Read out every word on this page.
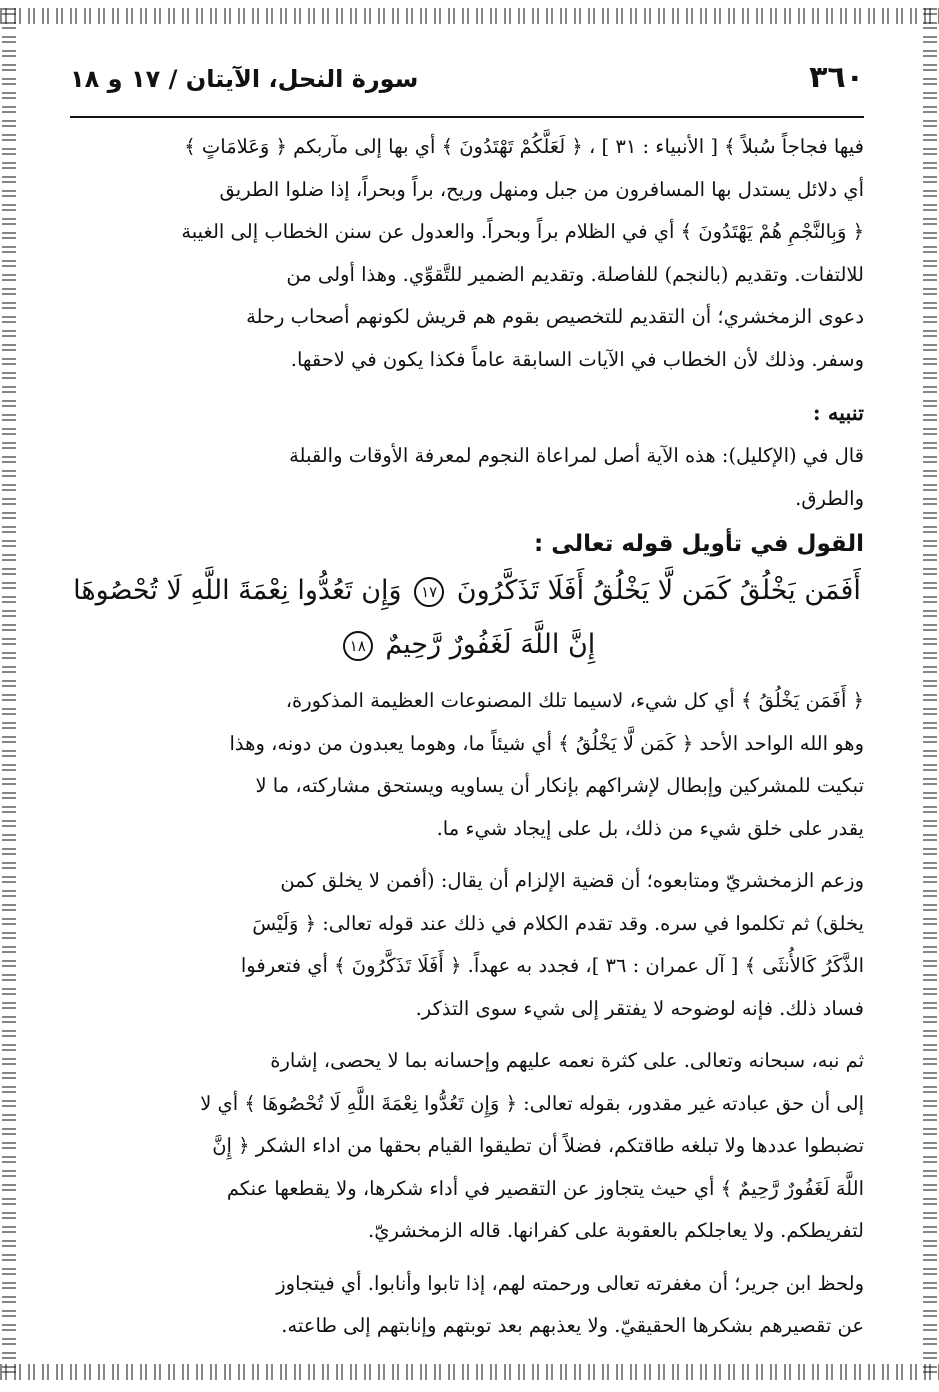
٣٦٠
سورة النحل، الآيتان / ١٧ و ١٨

فيها فجاجاً سُبلاً ﴾ [ الأنبياء : ٣١ ] ، ﴿ لَعَلَّكُمْ تَهْتَدُونَ ﴾ أي بها إلى مآربكم ﴿ وَعَلامَاتٍ ﴾
أي دلائل يستدل بها المسافرون من جبل ومنهل وريح، براً وبحراً، إذا ضلوا الطريق
﴿ وَبِالنَّجْمِ هُمْ يَهْتَدُونَ ﴾ أي في الظلام براً وبحراً. والعدول عن سنن الخطاب إلى الغيبة
للالتفات. وتقديم (بالنجم) للفاصلة. وتقديم الضمير للتَّقوِّي. وهذا أولى من
دعوى الزمخشري؛ أن التقديم للتخصيص بقوم هم قريش لكونهم أصحاب رحلة
وسفر. وذلك لأن الخطاب في الآيات السابقة عاماً فكذا يكون في لاحقها.

تنبيه :

قال في (الإكليل): هذه الآية أصل لمراعاة النجوم لمعرفة الأوقات والقبلة
والطرق.

القول في تأويل قوله تعالى :
أَفَمَن يَخْلُقُ كَمَن لَّا يَخْلُقُ أَفَلَا تَذَكَّرُونَ ١٧ وَإِن تَعُدُّوا نِعْمَةَ اللَّهِ لَا تُحْصُوهَا
إِنَّ اللَّهَ لَغَفُورٌ رَّحِيمٌ ١٨

﴿ أَفَمَن يَخْلُقُ ﴾ أي كل شيء، لاسيما تلك المصنوعات العظيمة المذكورة،
وهو الله الواحد الأحد ﴿ كَمَن لَّا يَخْلُقُ ﴾ أي شيئاً ما، وهوما يعبدون من دونه، وهذا
تبكيت للمشركين وإبطال لإشراكهم بإنكار أن يساويه ويستحق مشاركته، ما لا
يقدر على خلق شيء من ذلك، بل على إيجاد شيء ما.

وزعم الزمخشريّ ومتابعوه؛ أن قضية الإلزام أن يقال: (أفمن لا يخلق كمن
يخلق) ثم تكلموا في سره. وقد تقدم الكلام في ذلك عند قوله تعالى: ﴿ وَلَيْسَ
الذَّكَرُ كَالأُنثَى ﴾ [ آل عمران : ٣٦ ]، فجدد به عهداً. ﴿ أَفَلَا تَذَكَّرُونَ ﴾ أي فتعرفوا
فساد ذلك. فإنه لوضوحه لا يفتقر إلى شيء سوى التذكر.

ثم نبه، سبحانه وتعالى. على كثرة نعمه عليهم وإحسانه بما لا يحصى، إشارة
إلى أن حق عبادته غير مقدور، بقوله تعالى: ﴿ وَإِن تَعُدُّوا نِعْمَةَ اللَّهِ لَا تُحْصُوهَا ﴾ أي لا
تضبطوا عددها ولا تبلغه طاقتكم، فضلاً أن تطيقوا القيام بحقها من اداء الشكر ﴿ إِنَّ
اللَّهَ لَغَفُورٌ رَّحِيمٌ ﴾ أي حيث يتجاوز عن التقصير في أداء شكرها، ولا يقطعها عنكم
لتفريطكم. ولا يعاجلكم بالعقوبة على كفرانها. قاله الزمخشريّ.

ولحظ ابن جرير؛ أن مغفرته تعالى ورحمته لهم، إذا تابوا وأنابوا. أي فيتجاوز
عن تقصيرهم بشكرها الحقيقيّ. ولا يعذبهم بعد توبتهم وإنابتهم إلى طاعته.
